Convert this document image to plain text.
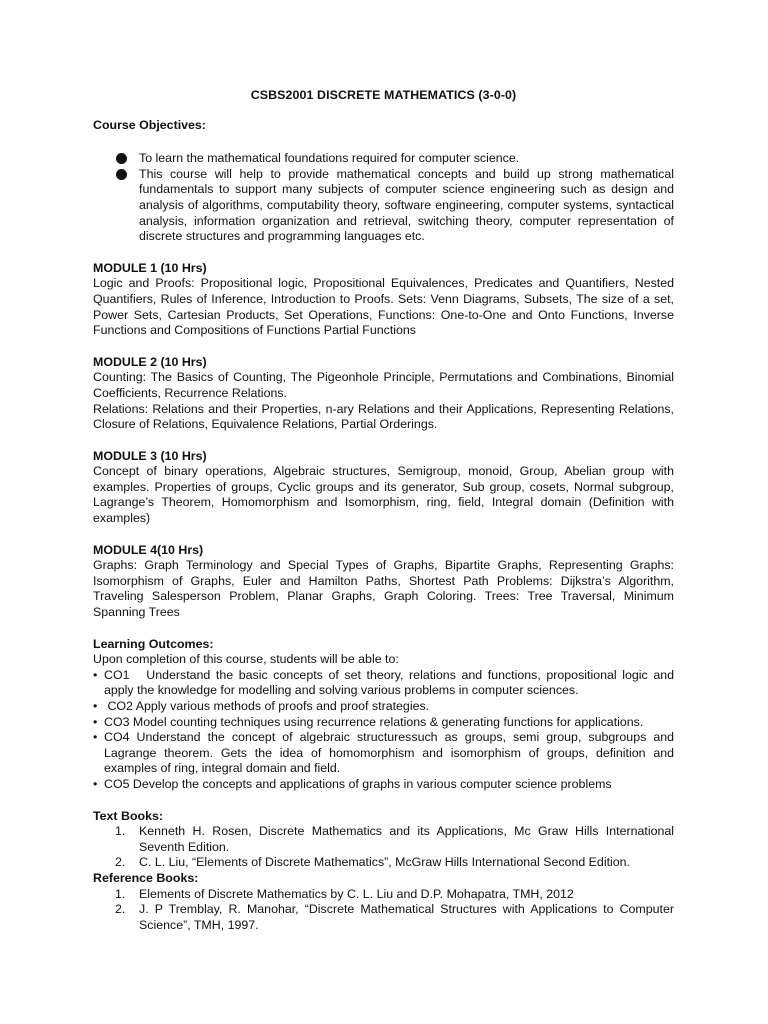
CSBS2001 DISCRETE MATHEMATICS (3-0-0)
Course Objectives:
To learn the mathematical foundations required for computer science.
This course will help to provide mathematical concepts and build up strong mathematical fundamentals to support many subjects of computer science engineering such as design and analysis of algorithms, computability theory, software engineering, computer systems, syntactical analysis, information organization and retrieval, switching theory, computer representation of discrete structures and programming languages etc.
MODULE 1 (10 Hrs)

Logic and Proofs: Propositional logic, Propositional Equivalences, Predicates and Quantifiers, Nested Quantifiers, Rules of Inference, Introduction to Proofs. Sets: Venn Diagrams, Subsets, The size of a set, Power Sets, Cartesian Products, Set Operations, Functions: One-to-One and Onto Functions, Inverse Functions and Compositions of Functions Partial Functions

MODULE 2 (10 Hrs)

Counting: The Basics of Counting, The Pigeonhole Principle, Permutations and Combinations, Binomial Coefficients, Recurrence Relations.

Relations: Relations and their Properties, n-ary Relations and their Applications, Representing Relations, Closure of Relations, Equivalence Relations, Partial Orderings.

MODULE 3 (10 Hrs)

Concept of binary operations, Algebraic structures, Semigroup, monoid, Group, Abelian group with examples. Properties of groups, Cyclic groups and its generator, Sub group, cosets, Normal subgroup, Lagrange’s Theorem, Homomorphism and Isomorphism, ring, field, Integral domain (Definition with examples)

MODULE 4(10 Hrs)

Graphs: Graph Terminology and Special Types of Graphs, Bipartite Graphs, Representing Graphs: Isomorphism of Graphs, Euler and Hamilton Paths, Shortest Path Problems: Dijkstra’s Algorithm, Traveling Salesperson Problem, Planar Graphs, Graph Coloring. Trees: Tree Traversal, Minimum Spanning Trees

Learning Outcomes:

Upon completion of this course, students will be able to:

• CO1   Understand the basic concepts of set theory, relations and functions, propositional logic and apply the knowledge for modelling and solving various problems in computer sciences.
• CO2 Apply various methods of proofs and proof strategies.
• CO3 Model counting techniques using recurrence relations & generating functions for applications.
• CO4 Understand the concept of algebraic structuressuch as groups, semi group, subgroups and Lagrange theorem. Gets the idea of homomorphism and isomorphism of groups, definition and examples of ring, integral domain and field.
• CO5 Develop the concepts and applications of graphs in various computer science problems
Text Books:
1. Kenneth H. Rosen, Discrete Mathematics and its Applications, Mc Graw Hills International Seventh Edition.
2. C. L. Liu, “Elements of Discrete Mathematics”, McGraw Hills International Second Edition.
Reference Books:
1. Elements of Discrete Mathematics by C. L. Liu and D.P. Mohapatra, TMH, 2012
2. J. P Tremblay, R. Manohar, “Discrete Mathematical Structures with Applications to Computer Science”, TMH, 1997.
